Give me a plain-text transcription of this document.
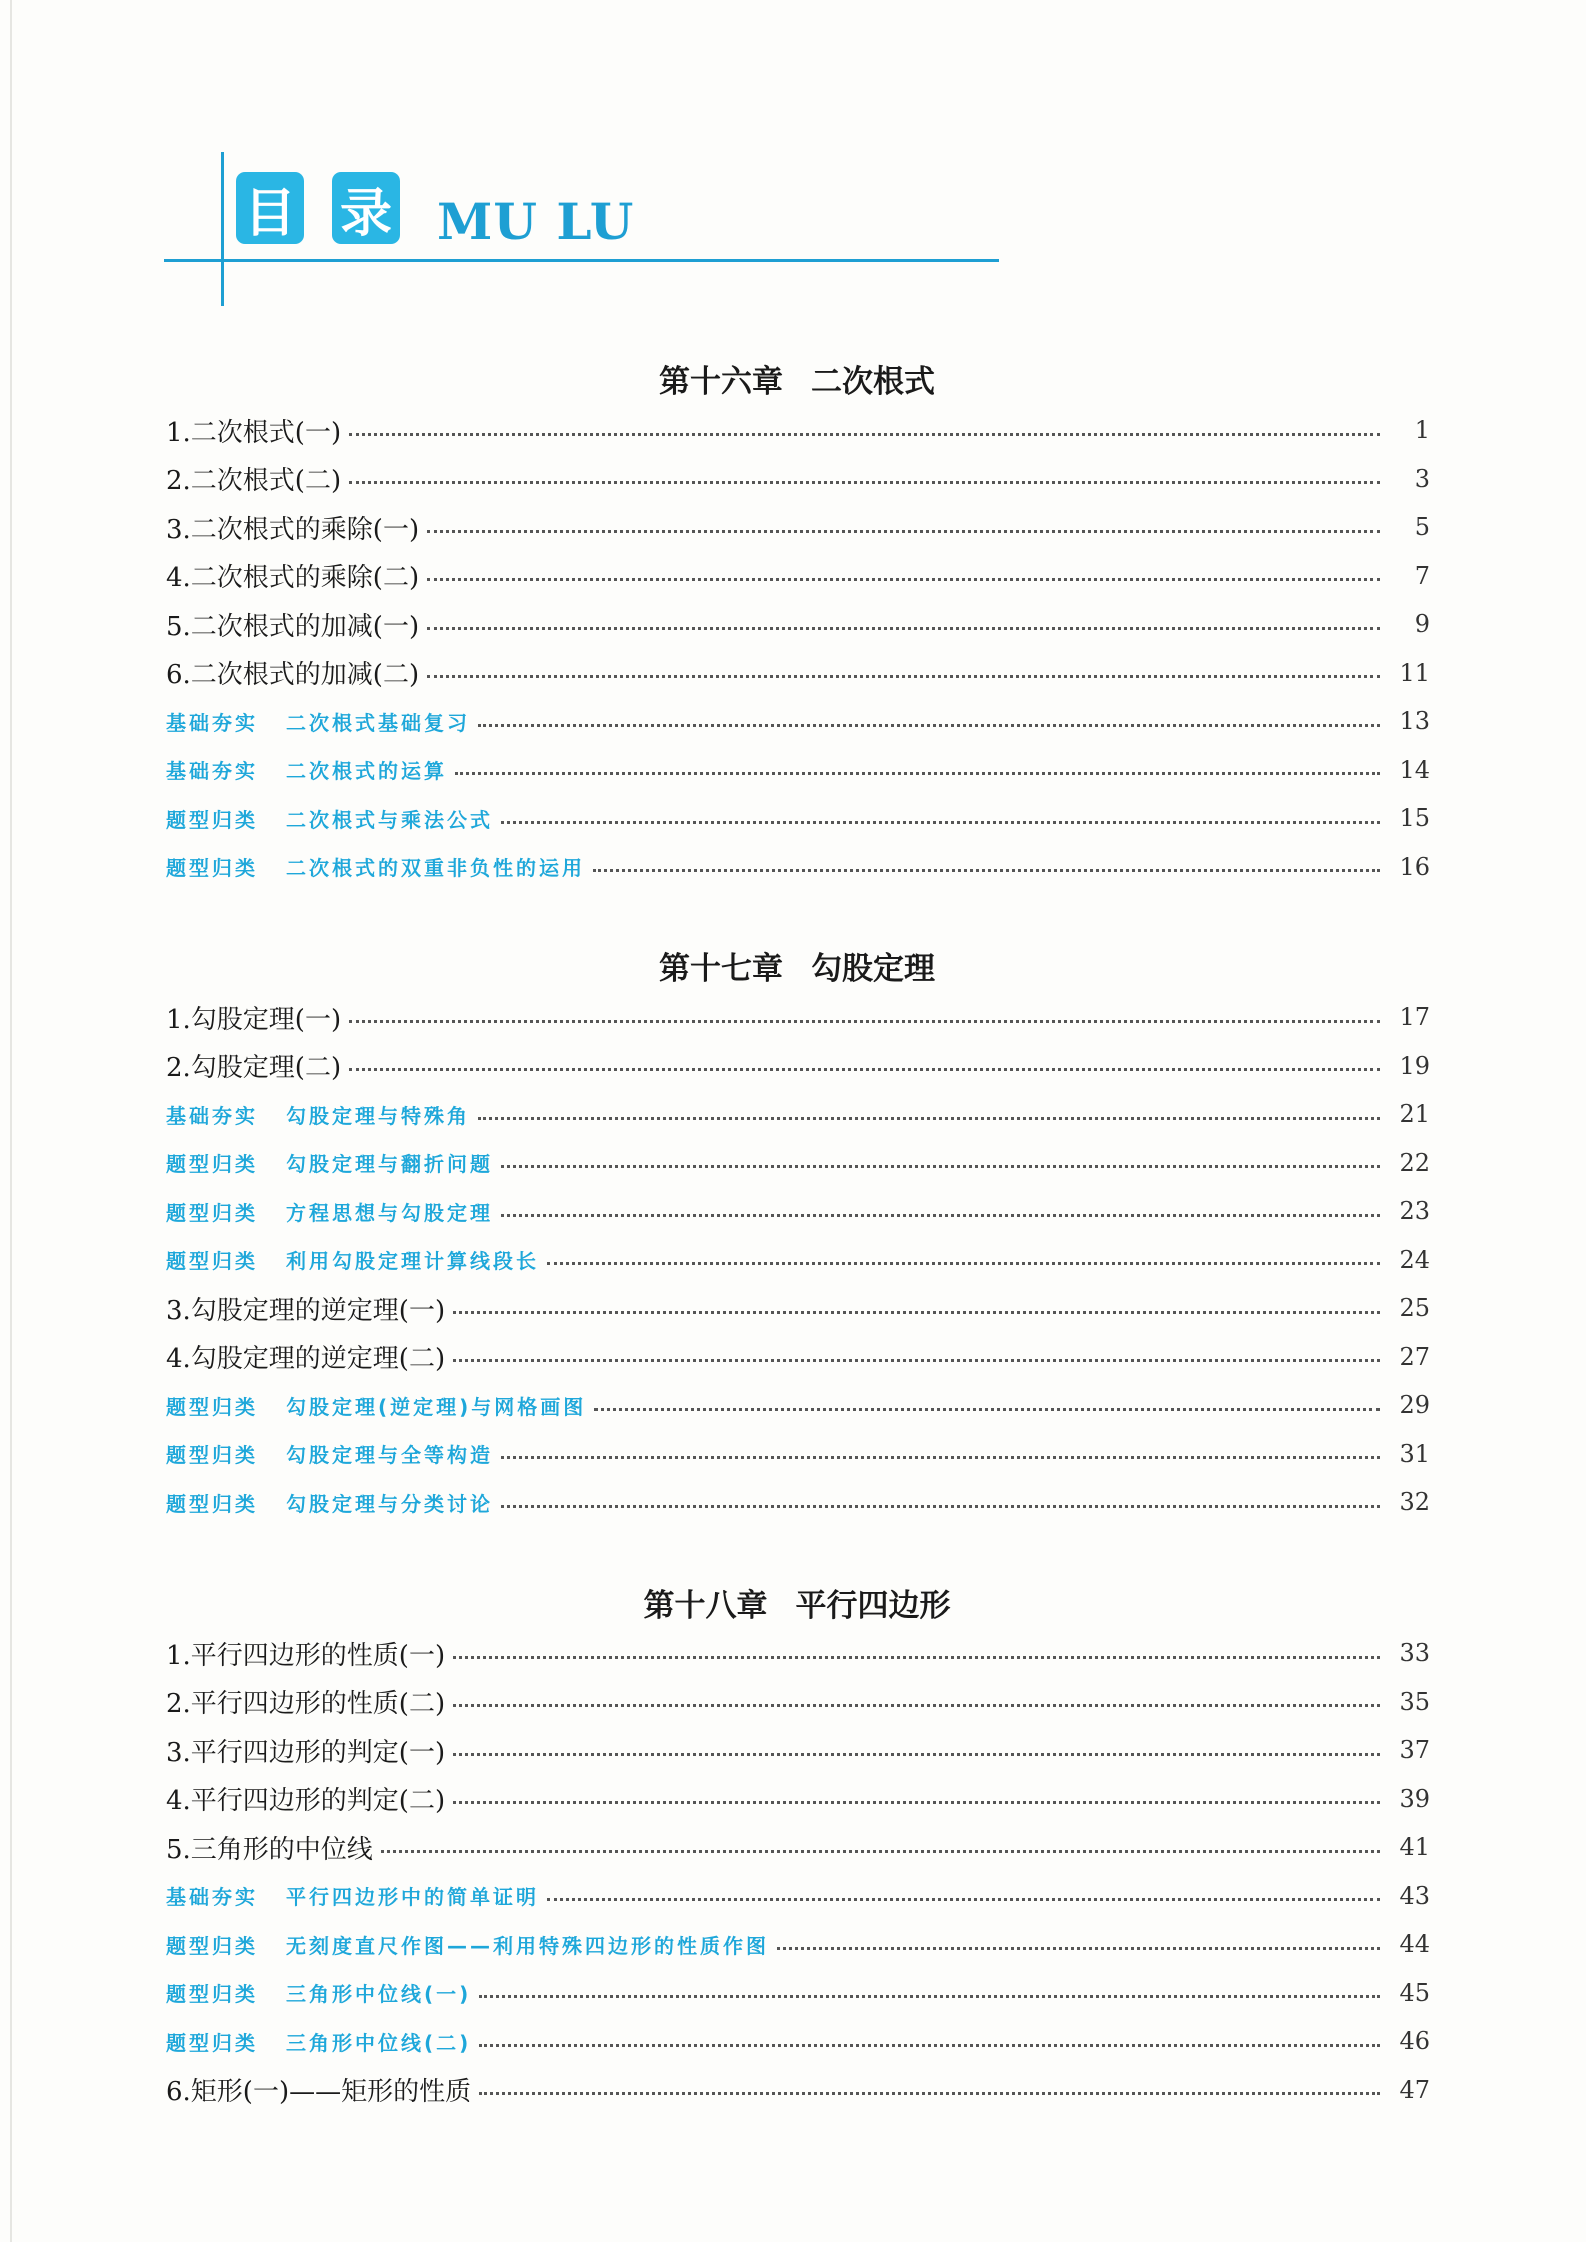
目 录 MU LU
第十六章 二次根式
1.二次根式(一)	1
2.二次根式(二)	3
3.二次根式的乘除(一)	5
4.二次根式的乘除(二)	7
5.二次根式的加减(一)	9
6.二次根式的加减(二)	11
基础夯实 二次根式基础复习	13
基础夯实 二次根式的运算	14
题型归类 二次根式与乘法公式	15
题型归类 二次根式的双重非负性的运用	16
第十七章 勾股定理
1.勾股定理(一)	17
2.勾股定理(二)	19
基础夯实 勾股定理与特殊角	21
题型归类 勾股定理与翻折问题	22
题型归类 方程思想与勾股定理	23
题型归类 利用勾股定理计算线段长	24
3.勾股定理的逆定理(一)	25
4.勾股定理的逆定理(二)	27
题型归类 勾股定理(逆定理)与网格画图	29
题型归类 勾股定理与全等构造	31
题型归类 勾股定理与分类讨论	32
第十八章 平行四边形
1.平行四边形的性质(一)	33
2.平行四边形的性质(二)	35
3.平行四边形的判定(一)	37
4.平行四边形的判定(二)	39
5.三角形的中位线	41
基础夯实 平行四边形中的简单证明	43
题型归类 无刻度直尺作图——利用特殊四边形的性质作图	44
题型归类 三角形中位线(一)	45
题型归类 三角形中位线(二)	46
6.矩形(一)——矩形的性质	47
